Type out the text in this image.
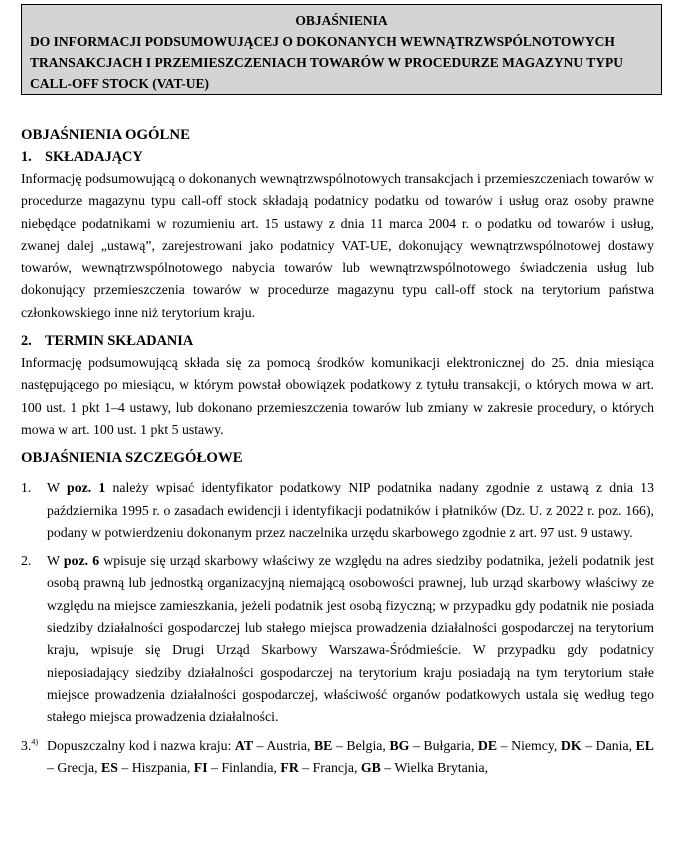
OBJAŚNIENIA
DO INFORMACJI PODSUMOWUJĄCEJ O DOKONANYCH WEWNĄTRZWSPÓLNOTOWYCH
TRANSAKCJACH I PRZEMIESZCZENIACH TOWARÓW W PROCEDURZE MAGAZYNU TYPU
CALL-OFF STOCK (VAT-UE)

OBJAŚNIENIA OGÓLNE

1. SKŁADAJĄCY

Informację podsumowującą o dokonanych wewnątrzwspólnotowych transakcjach i przemieszczeniach towarów w procedurze magazynu typu call-off stock składają podatnicy podatku od towarów i usług oraz osoby prawne niebędące podatnikami w rozumieniu art. 15 ustawy z dnia 11 marca 2004 r. o podatku od towarów i usług, zwanej dalej „ustawą”, zarejestrowani jako podatnicy VAT-UE, dokonujący wewnątrzwspólnotowej dostawy towarów, wewnątrzwspólnotowego nabycia towarów lub wewnątrzwspólnotowego świadczenia usług lub dokonujący przemieszczenia towarów w procedurze magazynu typu call-off stock na terytorium państwa członkowskiego inne niż terytorium kraju.

2. TERMIN SKŁADANIA

Informację podsumowującą składa się za pomocą środków komunikacji elektronicznej do 25. dnia miesiąca następującego po miesiącu, w którym powstał obowiązek podatkowy z tytułu transakcji, o których mowa w art. 100 ust. 1 pkt 1–4 ustawy, lub dokonano przemieszczenia towarów lub zmiany w zakresie procedury, o których mowa w art. 100 ust. 1 pkt 5 ustawy.

OBJAŚNIENIA SZCZEGÓŁOWE

1. W poz. 1 należy wpisać identyfikator podatkowy NIP podatnika nadany zgodnie z ustawą z dnia 13 października 1995 r. o zasadach ewidencji i identyfikacji podatników i płatników (Dz. U. z 2022 r. poz. 166), podany w potwierdzeniu dokonanym przez naczelnika urzędu skarbowego zgodnie z art. 97 ust. 9 ustawy.

2. W poz. 6 wpisuje się urząd skarbowy właściwy ze względu na adres siedziby podatnika, jeżeli podatnik jest osobą prawną lub jednostką organizacyjną niemającą osobowości prawnej, lub urząd skarbowy właściwy ze względu na miejsce zamieszkania, jeżeli podatnik jest osobą fizyczną; w przypadku gdy podatnik nie posiada siedziby działalności gospodarczej lub stałego miejsca prowadzenia działalności gospodarczej na terytorium kraju, wpisuje się Drugi Urząd Skarbowy Warszawa-Śródmieście. W przypadku gdy podatnicy nieposiadający siedziby działalności gospodarczej na terytorium kraju posiadają na tym terytorium stałe miejsce prowadzenia działalności gospodarczej, właściwość organów podatkowych ustala się według tego stałego miejsca prowadzenia działalności.

3.$^{4)}$ Dopuszczalny kod i nazwa kraju: AT – Austria, BE – Belgia, BG – Bułgaria, DE – Niemcy, DK – Dania, EL – Grecja, ES – Hiszpania, FI – Finlandia, FR – Francja, GB – Wielka Brytania,
